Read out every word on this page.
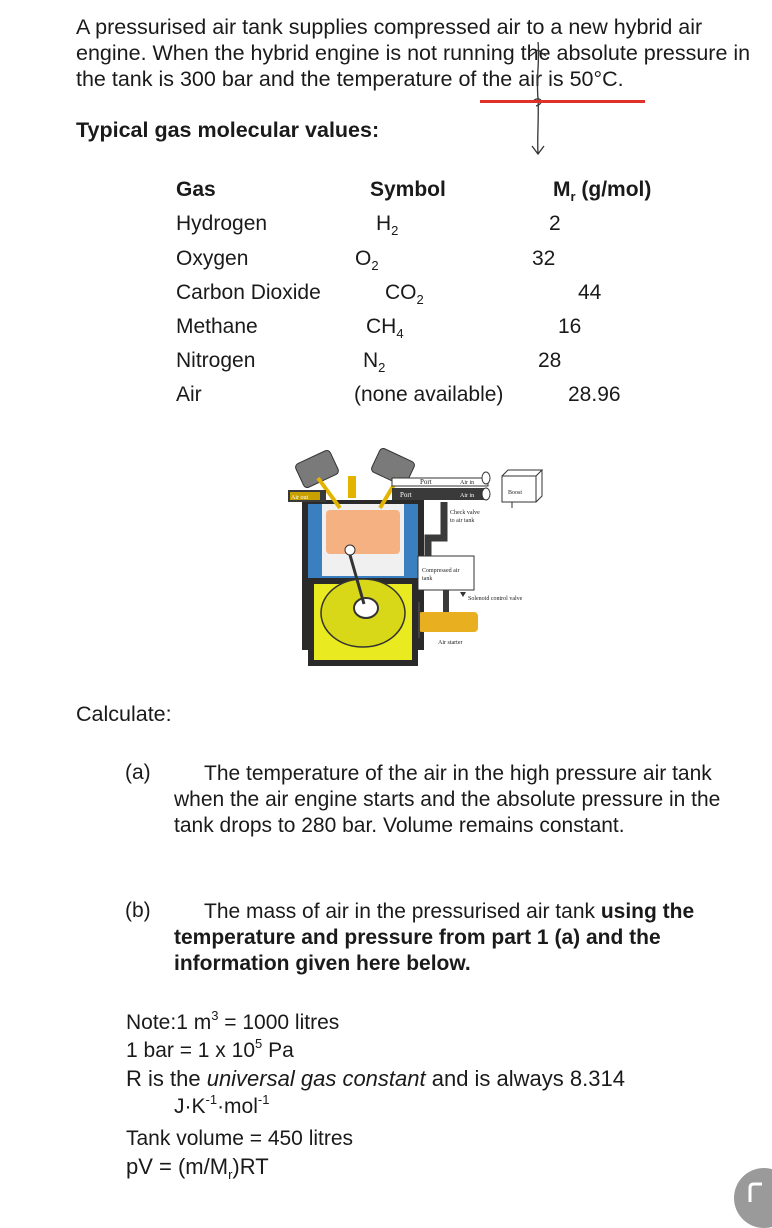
A pressurised air tank supplies compressed air to a new hybrid air engine. When the hybrid engine is not running the absolute pressure in the tank is 300 bar and the temperature of the air is 50°C.
Typical gas molecular values:
Gas	Symbol	$M_r$ (g/mol)
Hydrogen	$H_2$	2
Oxygen	$O_2$	32
Carbon Dioxide	$CO_2$	44
Methane	$CH_4$	16
Nitrogen	$N_2$	28
Air	(none available)	28.96
Air out
Port
Port
Air in
Air in	Boost
Check valve
to air tank
Compressed air
tank
Solenoid control valve
Air starter
Calculate:
(a)	The temperature of the air in the high pressure air tank when the air engine starts and the absolute pressure in the tank drops to 280 bar. Volume remains constant.
(b)	The mass of air in the pressurised air tank using the temperature and pressure from part 1 (a) and the information given here below.
Note:1 $m^3 = 1000$ litres
1 bar = 1 x $10^5$ Pa
R is the universal gas constant and is always 8.314
$J\cdot K^{-1}\cdot mol^{-1}$
Tank volume = 450 litres
pV = $(m/M_r)RT$
